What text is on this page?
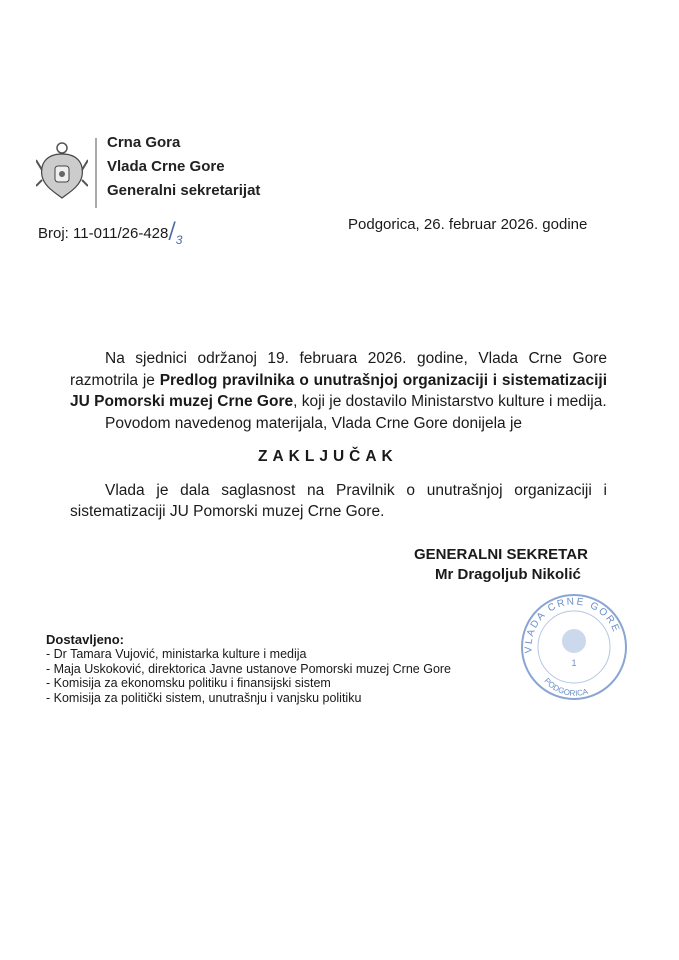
Crna Gora
Vlada Crne Gore
Generalni sekretarijat
Broj: $11-011/26-428/_3$
Podgorica, 26. februar 2026. godine

Na sjednici održanoj 19. februara 2026. godine, Vlada Crne Gore razmotrila je Predlog pravilnika o unutrašnjoj organizaciji i sistematizaciji JU Pomorski muzej Crne Gore, koji je dostavilo Ministarstvo kulture i medija.

Povodom navedenog materijala, Vlada Crne Gore donijela je

ZAKLJUČAK

Vlada je dala saglasnost na Pravilnik o unutrašnjoj organizaciji i sistematizaciji JU Pomorski muzej Crne Gore.

GENERALNI SEKRETAR
Mr Dragoljub Nikolić
VLADA CRNE GORE
PODGORICA
1
Dostavljeno:
- Dr Tamara Vujović, ministarka kulture i medija
- Maja Uskoković, direktorica Javne ustanove Pomorski muzej Crne Gore
- Komisija za ekonomsku politiku i finansijski sistem
- Komisija za politički sistem, unutrašnju i vanjsku politiku
